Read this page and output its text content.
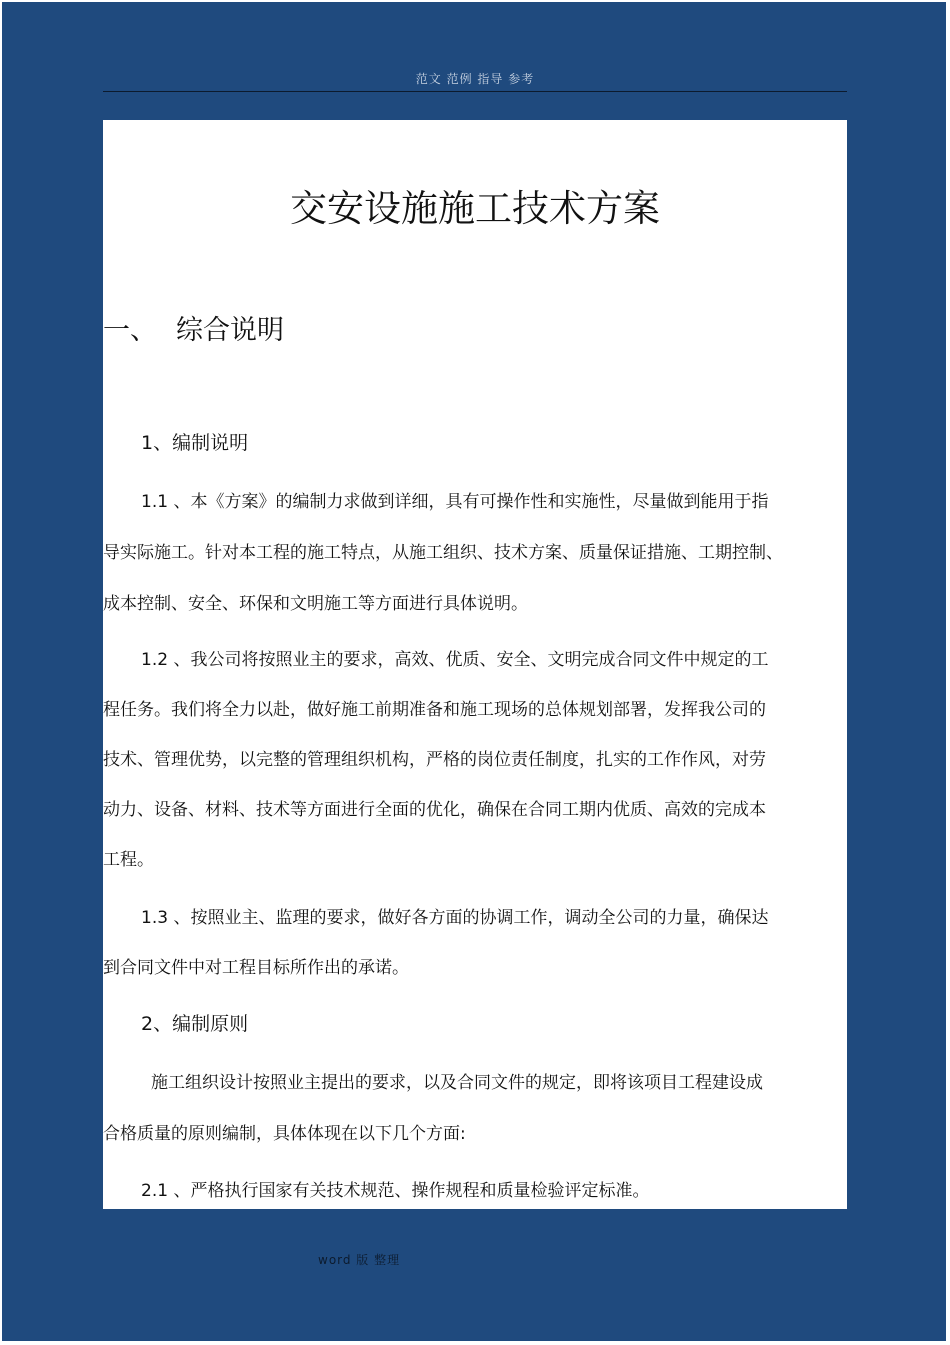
范文 范例 指导 参考
交安设施施工技术方案
一、 综合说明
1、编制说明
1.1 、本《方案》的编制力求做到详细，具有可操作性和实施性，尽量做到能用于指
导实际施工。针对本工程的施工特点，从施工组织、技术方案、质量保证措施、工期控制、
成本控制、安全、环保和文明施工等方面进行具体说明。
1.2 、我公司将按照业主的要求，高效、优质、安全、文明完成合同文件中规定的工
程任务。我们将全力以赴，做好施工前期准备和施工现场的总体规划部署，发挥我公司的
技术、管理优势，以完整的管理组织机构，严格的岗位责任制度，扎实的工作作风，对劳
动力、设备、材料、技术等方面进行全面的优化，确保在合同工期内优质、高效的完成本
工程。
1.3 、按照业主、监理的要求，做好各方面的协调工作，调动全公司的力量，确保达
到合同文件中对工程目标所作出的承诺。
2、编制原则
施工组织设计按照业主提出的要求，以及合同文件的规定，即将该项目工程建设成
合格质量的原则编制，具体体现在以下几个方面:
2.1 、严格执行国家有关技术规范、操作规程和质量检验评定标准。
word 版 整理
